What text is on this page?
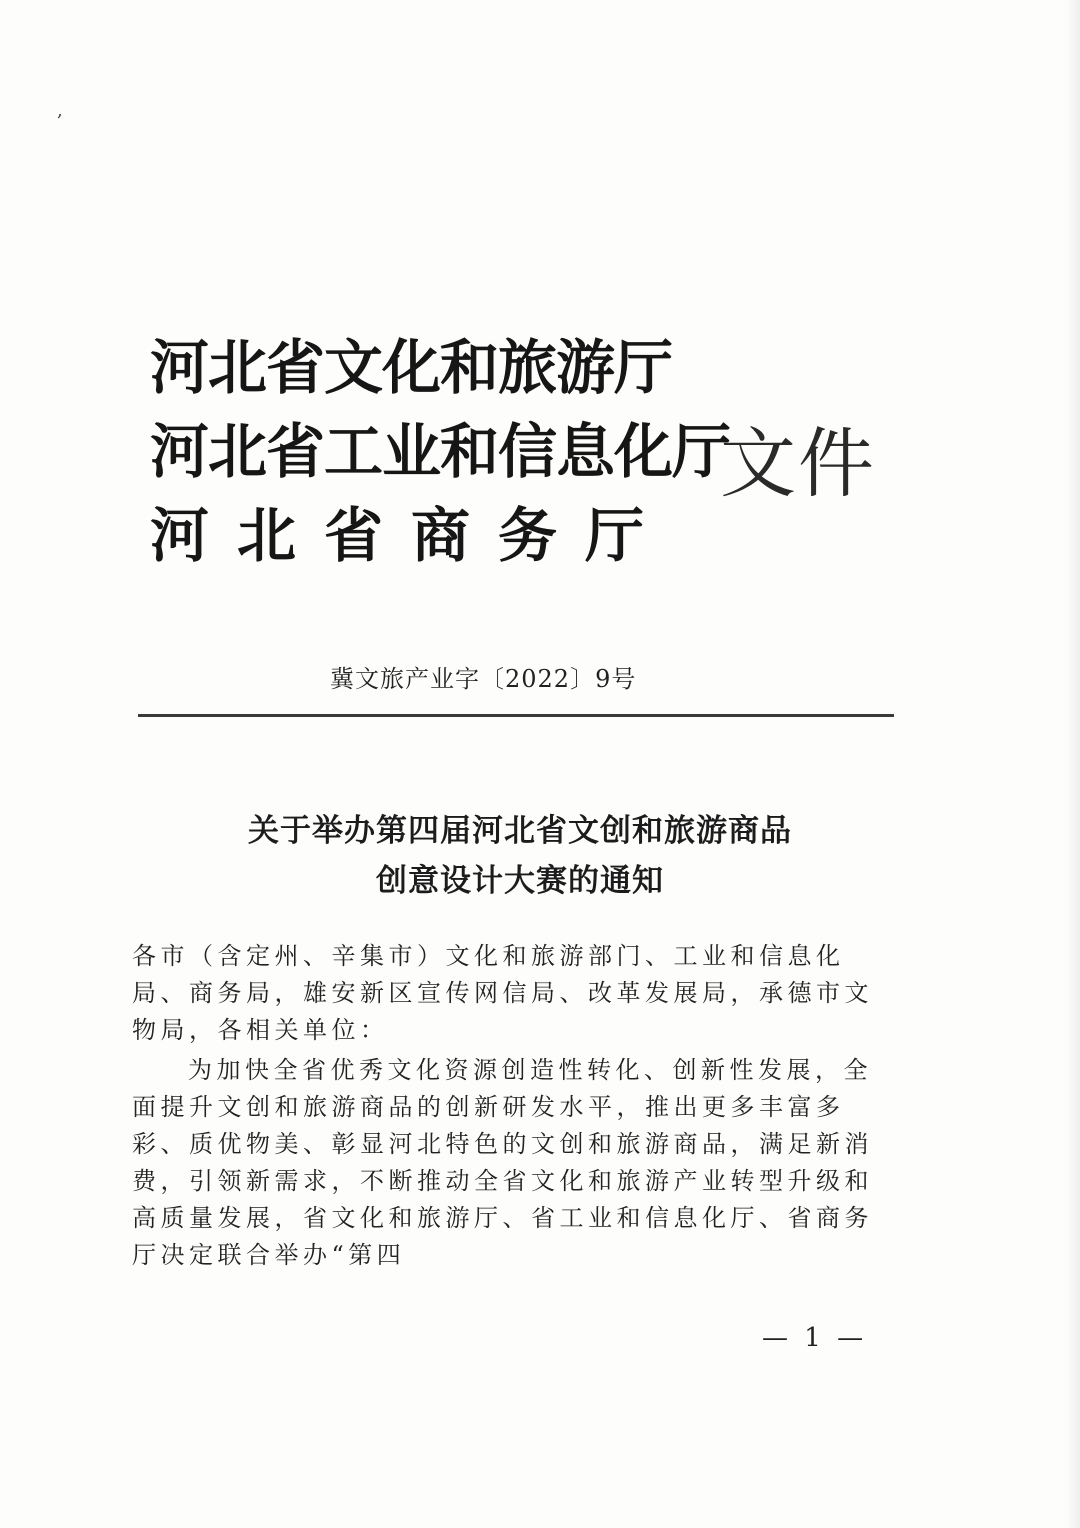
,
河北省文化和旅游厅
河北省工业和信息化厅
河北省商务厅
文件
冀文旅产业字〔2022〕9号
关于举办第四届河北省文创和旅游商品
创意设计大赛的通知

各市（含定州、辛集市）文化和旅游部门、工业和信息化局、商务局，雄安新区宣传网信局、改革发展局，承德市文物局，各相关单位：

为加快全省优秀文化资源创造性转化、创新性发展，全面提升文创和旅游商品的创新研发水平，推出更多丰富多彩、质优物美、彰显河北特色的文创和旅游商品，满足新消费，引领新需求，不断推动全省文化和旅游产业转型升级和高质量发展，省文化和旅游厅、省工业和信息化厅、省商务厅决定联合举办“第四

— 1 —
